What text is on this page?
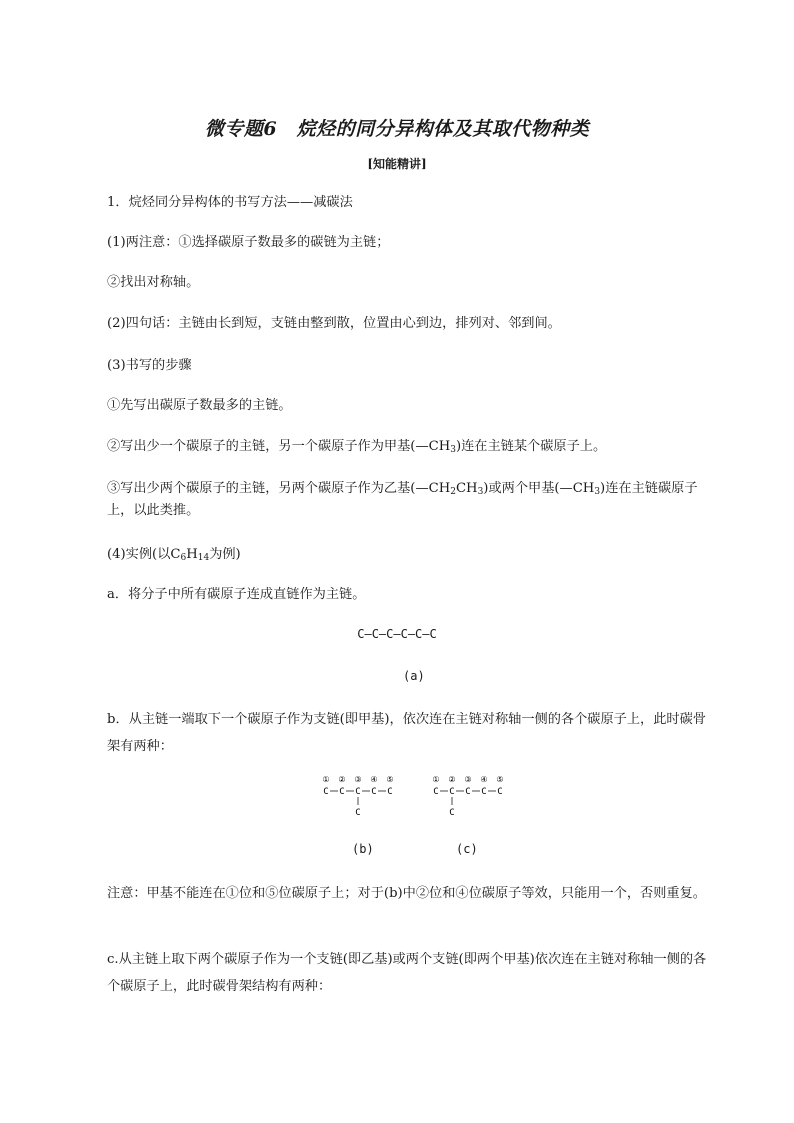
微专题6　烷烃的同分异构体及其取代物种类
[知能精讲]
1．烷烃同分异构体的书写方法——减碳法
(1)两注意：①选择碳原子数最多的碳链为主链；
②找出对称轴。
(2)四句话：主链由长到短，支链由整到散，位置由心到边，排列对、邻到间。
(3)书写的步骤
①先写出碳原子数最多的主链。
②写出少一个碳原子的主链，另一个碳原子作为甲基$(—CH_3)$连在主链某个碳原子上。
③写出少两个碳原子的主链，另两个碳原子作为乙基$(—CH_2CH_3)$或两个甲基$(—CH_3)$连在主链碳原子上，以此类推。
(4)实例(以$C_6H_{14}$为例)
a．将分子中所有碳原子连成直链作为主链。
C—C—C—C—C—C
(a)
b．从主链一端取下一个碳原子作为支链(即甲基)，依次连在主链对称轴一侧的各个碳原子上，此时碳骨架有两种：
①
C
②
C
③
C
④
C
⑤
C
C
①
C
②
C
③
C
④
C
⑤
C
C
(b)	(c)
注意：甲基不能连在①位和⑤位碳原子上；对于(b)中②位和④位碳原子等效，只能用一个，否则重复。
c.从主链上取下两个碳原子作为一个支链(即乙基)或两个支链(即两个甲基)依次连在主链对称轴一侧的各个碳原子上，此时碳骨架结构有两种：
